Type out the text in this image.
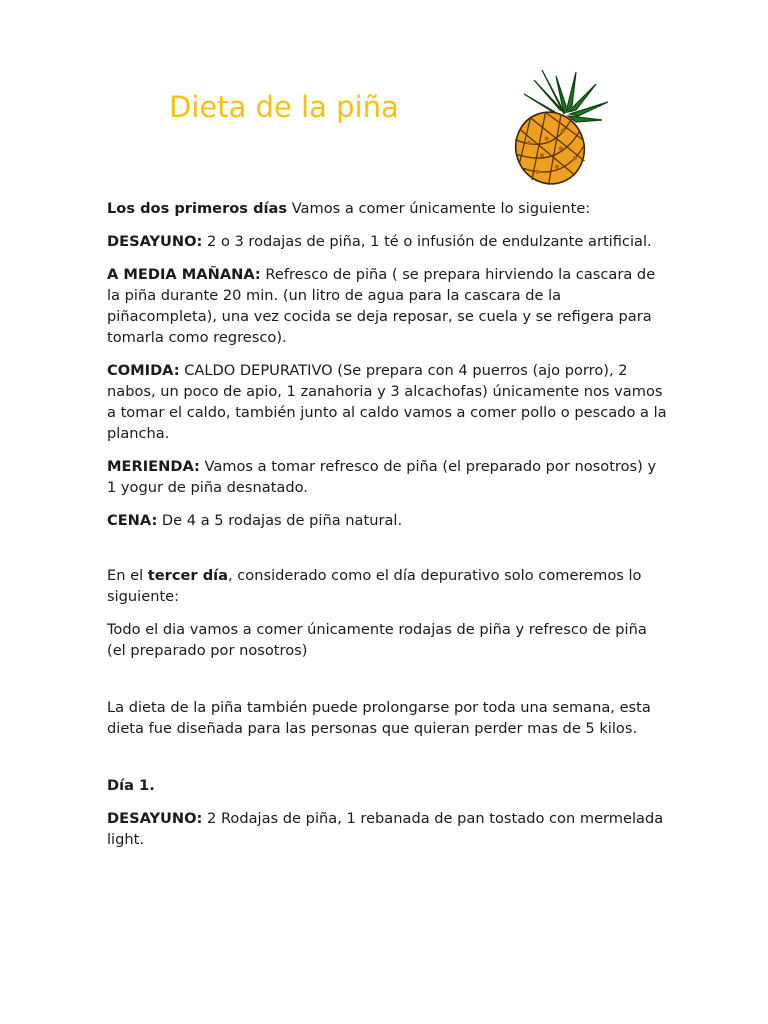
Dieta de la piña

Los dos primeros días Vamos a comer únicamente lo siguiente:

DESAYUNO: 2 o 3 rodajas de piña, 1 té o infusión de endulzante artificial.

A MEDIA MAÑANA: Refresco de piña ( se prepara hirviendo la cascara de la piña durante 20 min. (un litro de agua para la cascara de la piñacompleta), una vez cocida se deja reposar, se cuela y se refigera para tomarla como regresco).

COMIDA: CALDO DEPURATIVO (Se prepara con 4 puerros (ajo porro), 2 nabos, un poco de apio, 1 zanahoria y 3 alcachofas) únicamente nos vamos a tomar el caldo, también junto al caldo vamos a comer pollo o pescado a la plancha.

MERIENDA: Vamos a tomar refresco de piña (el preparado por nosotros) y 1 yogur de piña desnatado.

CENA: De 4 a 5 rodajas de piña natural.

En el tercer día, considerado como el día depurativo solo comeremos lo siguiente:

Todo el dia vamos a comer únicamente rodajas de piña y refresco de piña (el preparado por nosotros)

La dieta de la piña también puede prolongarse por toda una semana, esta dieta fue diseñada para las personas que quieran perder mas de 5 kilos.

Día 1.

DESAYUNO: 2 Rodajas de piña, 1 rebanada de pan tostado con mermelada light.
